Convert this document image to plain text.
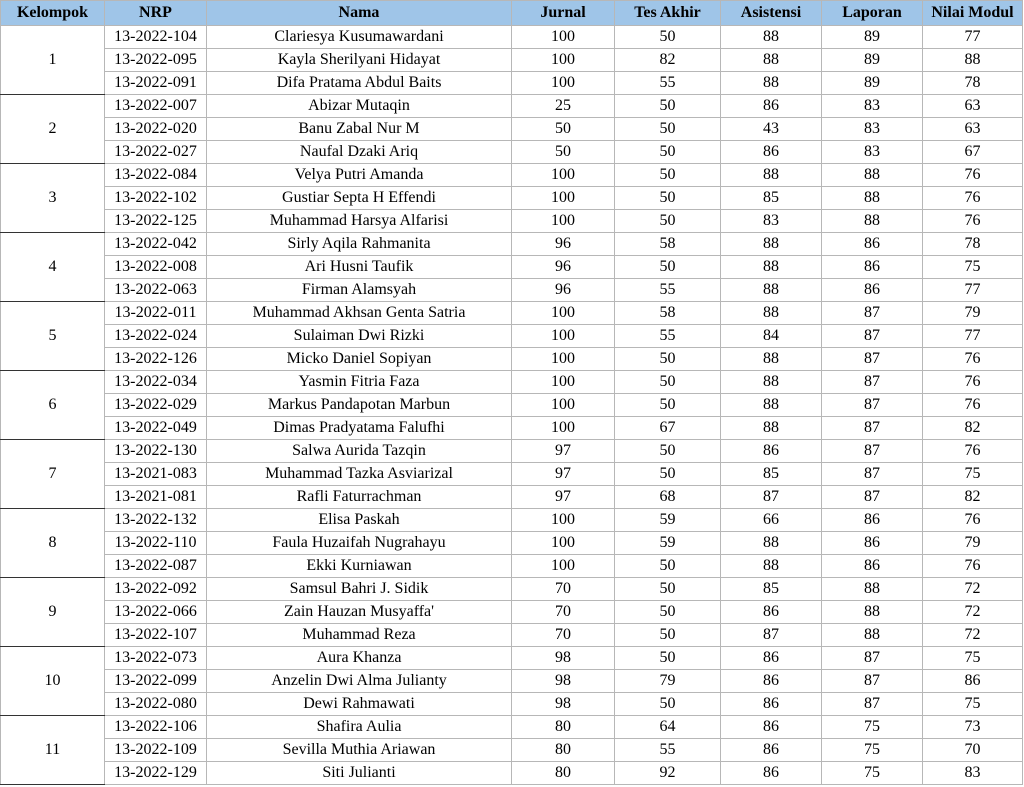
Kelompok	NRP	Nama	Jurnal	Tes Akhir	Asistensi	Laporan	Nilai Modul
1	13-2022-104	Clariesya Kusumawardani	100	50	88	89	77
	13-2022-095	Kayla Sherilyani Hidayat	100	82	88	89	88
	13-2022-091	Difa Pratama Abdul Baits	100	55	88	89	78
2	13-2022-007	Abizar Mutaqin	25	50	86	83	63
	13-2022-020	Banu Zabal Nur M	50	50	43	83	63
	13-2022-027	Naufal Dzaki Ariq	50	50	86	83	67
3	13-2022-084	Velya Putri Amanda	100	50	88	88	76
	13-2022-102	Gustiar Septa H Effendi	100	50	85	88	76
	13-2022-125	Muhammad Harsya Alfarisi	100	50	83	88	76
4	13-2022-042	Sirly Aqila Rahmanita	96	58	88	86	78
	13-2022-008	Ari Husni Taufik	96	50	88	86	75
	13-2022-063	Firman Alamsyah	96	55	88	86	77
5	13-2022-011	Muhammad Akhsan Genta Satria	100	58	88	87	79
	13-2022-024	Sulaiman Dwi Rizki	100	55	84	87	77
	13-2022-126	Micko Daniel Sopiyan	100	50	88	87	76
6	13-2022-034	Yasmin Fitria Faza	100	50	88	87	76
	13-2022-029	Markus Pandapotan Marbun	100	50	88	87	76
	13-2022-049	Dimas Pradyatama Falufhi	100	67	88	87	82
7	13-2022-130	Salwa Aurida Tazqin	97	50	86	87	76
	13-2021-083	Muhammad Tazka Asviarizal	97	50	85	87	75
	13-2021-081	Rafli Faturrachman	97	68	87	87	82
8	13-2022-132	Elisa Paskah	100	59	66	86	76
	13-2022-110	Faula Huzaifah Nugrahayu	100	59	88	86	79
	13-2022-087	Ekki Kurniawan	100	50	88	86	76
9	13-2022-092	Samsul Bahri J. Sidik	70	50	85	88	72
	13-2022-066	Zain Hauzan Musyaffa'	70	50	86	88	72
	13-2022-107	Muhammad Reza	70	50	87	88	72
10	13-2022-073	Aura Khanza	98	50	86	87	75
	13-2022-099	Anzelin Dwi Alma Julianty	98	79	86	87	86
	13-2022-080	Dewi Rahmawati	98	50	86	87	75
11	13-2022-106	Shafira Aulia	80	64	86	75	73
	13-2022-109	Sevilla Muthia Ariawan	80	55	86	75	70
	13-2022-129	Siti Julianti	80	92	86	75	83
